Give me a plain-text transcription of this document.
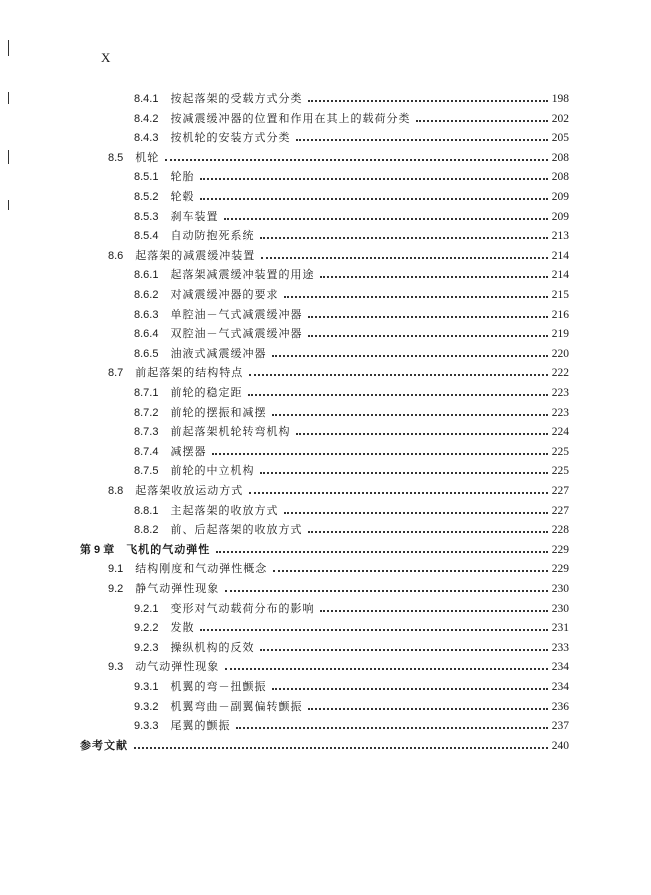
X
8.4.1 按起落架的受载方式分类	198
8.4.2 按减震缓冲器的位置和作用在其上的载荷分类	202
8.4.3 按机轮的安装方式分类	205
8.5 机轮	208
8.5.1 轮胎	208
8.5.2 轮毂	209
8.5.3 刹车装置	209
8.5.4 自动防抱死系统	213
8.6 起落架的减震缓冲装置	214
8.6.1 起落架减震缓冲装置的用途	214
8.6.2 对减震缓冲器的要求	215
8.6.3 单腔油－气式减震缓冲器	216
8.6.4 双腔油－气式减震缓冲器	219
8.6.5 油液式减震缓冲器	220
8.7 前起落架的结构特点	222
8.7.1 前轮的稳定距	223
8.7.2 前轮的摆振和减摆	223
8.7.3 前起落架机轮转弯机构	224
8.7.4 减摆器	225
8.7.5 前轮的中立机构	225
8.8 起落架收放运动方式	227
8.8.1 主起落架的收放方式	227
8.8.2 前、后起落架的收放方式	228
第 9 章 飞机的气动弹性	229
9.1 结构刚度和气动弹性概念	229
9.2 静气动弹性现象	230
9.2.1 变形对气动载荷分布的影响	230
9.2.2 发散	231
9.2.3 操纵机构的反效	233
9.3 动气动弹性现象	234
9.3.1 机翼的弯－扭颤振	234
9.3.2 机翼弯曲－副翼偏转颤振	236
9.3.3 尾翼的颤振	237
参考文献	240
